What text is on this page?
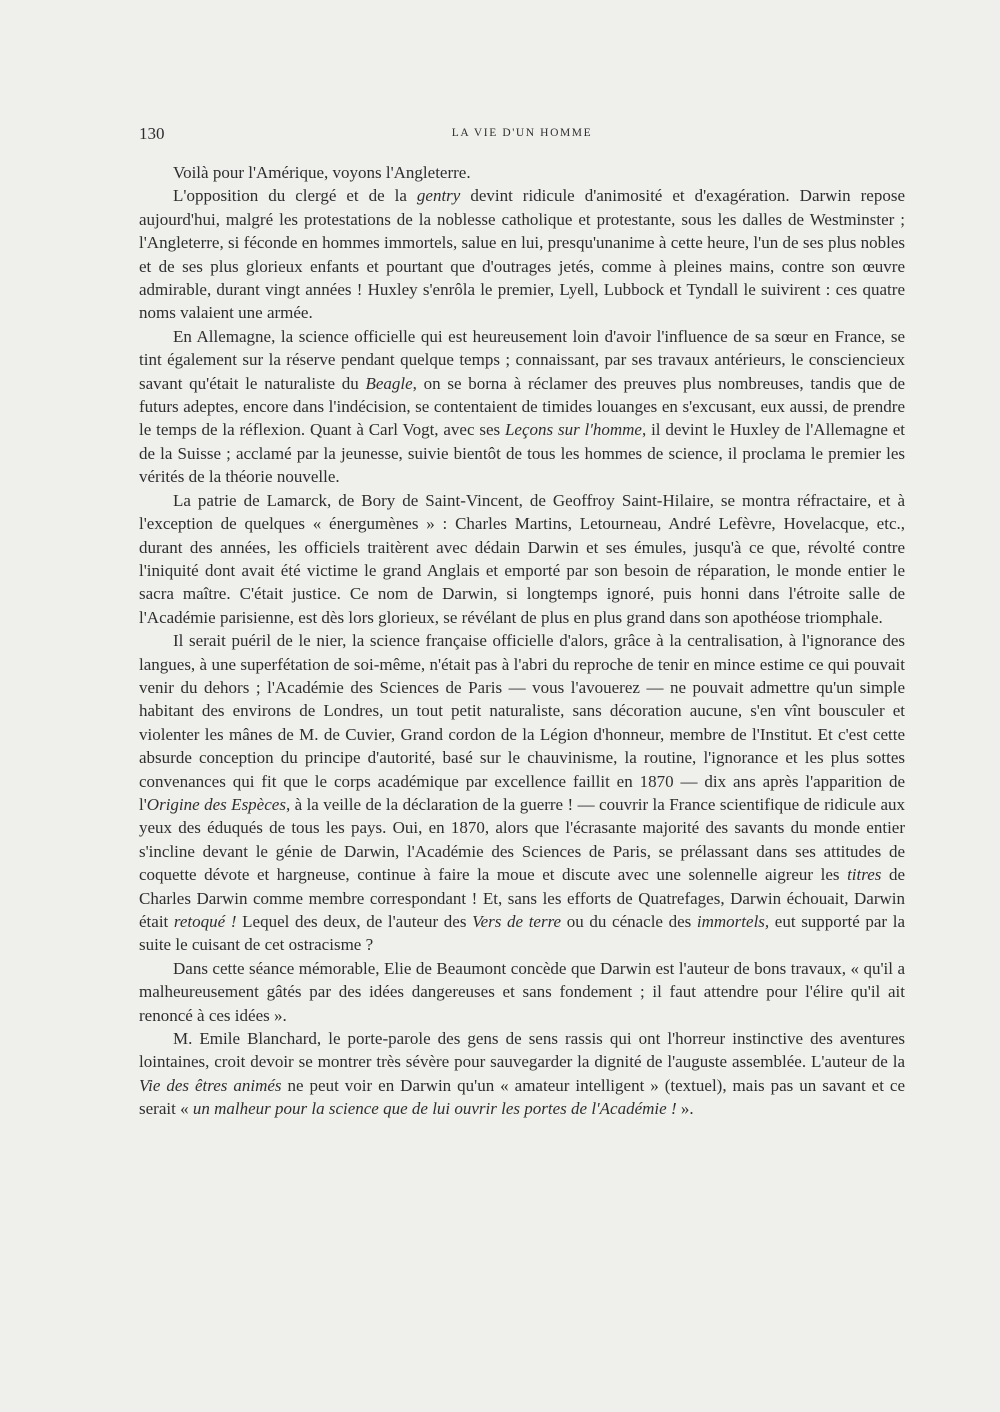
130	LA VIE D'UN HOMME

Voilà pour l'Amérique, voyons l'Angleterre.

L'opposition du clergé et de la gentry devint ridicule d'animosité et d'exagération. Darwin repose aujourd'hui, malgré les protestations de la noblesse catholique et protestante, sous les dalles de Westminster ; l'Angleterre, si féconde en hommes immortels, salue en lui, presqu'unanime à cette heure, l'un de ses plus nobles et de ses plus glorieux enfants et pourtant que d'outrages jetés, comme à pleines mains, contre son œuvre admirable, durant vingt années ! Huxley s'enrôla le premier, Lyell, Lubbock et Tyndall le suivirent : ces quatre noms valaient une armée.

En Allemagne, la science officielle qui est heureusement loin d'avoir l'influence de sa sœur en France, se tint également sur la réserve pendant quelque temps ; connaissant, par ses travaux antérieurs, le consciencieux savant qu'était le naturaliste du Beagle, on se borna à réclamer des preuves plus nombreuses, tandis que de futurs adeptes, encore dans l'indécision, se contentaient de timides louanges en s'excusant, eux aussi, de prendre le temps de la réflexion. Quant à Carl Vogt, avec ses Leçons sur l'homme, il devint le Huxley de l'Allemagne et de la Suisse ; acclamé par la jeunesse, suivie bientôt de tous les hommes de science, il proclama le premier les vérités de la théorie nouvelle.

La patrie de Lamarck, de Bory de Saint-Vincent, de Geoffroy Saint-Hilaire, se montra réfractaire, et à l'exception de quelques « énergumènes » : Charles Martins, Letourneau, André Lefèvre, Hovelacque, etc., durant des années, les officiels traitèrent avec dédain Darwin et ses émules, jusqu'à ce que, révolté contre l'iniquité dont avait été victime le grand Anglais et emporté par son besoin de réparation, le monde entier le sacra maître. C'était justice. Ce nom de Darwin, si longtemps ignoré, puis honni dans l'étroite salle de l'Académie parisienne, est dès lors glorieux, se révélant de plus en plus grand dans son apothéose triomphale.

Il serait puéril de le nier, la science française officielle d'alors, grâce à la centralisation, à l'ignorance des langues, à une superfétation de soi-même, n'était pas à l'abri du reproche de tenir en mince estime ce qui pouvait venir du dehors ; l'Académie des Sciences de Paris — vous l'avouerez — ne pouvait admettre qu'un simple habitant des environs de Londres, un tout petit naturaliste, sans décoration aucune, s'en vînt bousculer et violenter les mânes de M. de Cuvier, Grand cordon de la Légion d'honneur, membre de l'Institut. Et c'est cette absurde conception du principe d'autorité, basé sur le chauvinisme, la routine, l'ignorance et les plus sottes convenances qui fit que le corps académique par excellence faillit en 1870 — dix ans après l'apparition de l'Origine des Espèces, à la veille de la déclaration de la guerre ! — couvrir la France scientifique de ridicule aux yeux des éduqués de tous les pays. Oui, en 1870, alors que l'écrasante majorité des savants du monde entier s'incline devant le génie de Darwin, l'Académie des Sciences de Paris, se prélassant dans ses attitudes de coquette dévote et hargneuse, continue à faire la moue et discute avec une solennelle aigreur les titres de Charles Darwin comme membre correspondant ! Et, sans les efforts de Quatrefages, Darwin échouait, Darwin était retoqué ! Lequel des deux, de l'auteur des Vers de terre ou du cénacle des immortels, eut supporté par la suite le cuisant de cet ostracisme ?

Dans cette séance mémorable, Elie de Beaumont concède que Darwin est l'auteur de bons travaux, « qu'il a malheureusement gâtés par des idées dangereuses et sans fondement ; il faut attendre pour l'élire qu'il ait renoncé à ces idées ».

M. Emile Blanchard, le porte-parole des gens de sens rassis qui ont l'horreur instinctive des aventures lointaines, croit devoir se montrer très sévère pour sauvegarder la dignité de l'auguste assemblée. L'auteur de la Vie des êtres animés ne peut voir en Darwin qu'un « amateur intelligent » (textuel), mais pas un savant et ce serait « un malheur pour la science que de lui ouvrir les portes de l'Académie ! ».
